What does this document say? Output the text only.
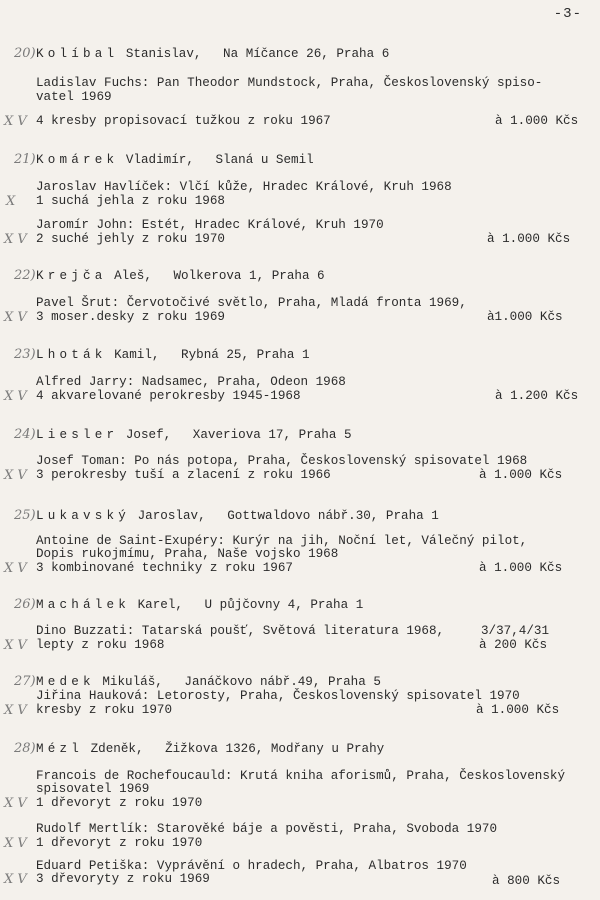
-3-
20) Kolíbal Stanislav, Na Míčance 26, Praha 6
Ladislav Fuchs: Pan Theodor Mundstock, Praha, Československý spiso-
vatel 1969
X V 4 kresby propisovací tužkou z roku 1967	à 1.000 Kčs
21) Komárek Vladimír, Slaná u Semil
Jaroslav Havlíček: Vlčí kůže, Hradec Králové, Kruh 1968
X 1 suchá jehla z roku 1968
Jaromír John: Estét, Hradec Králové, Kruh 1970
X V 2 suché jehly z roku 1970	à 1.000 Kčs
22) Krejča Aleš, Wolkerova 1, Praha 6
Pavel Šrut: Červotočivé světlo, Praha, Mladá fronta 1969,
X V 3 moser.desky z roku 1969	à1.000 Kčs
23) Lhoták Kamil, Rybná 25, Praha 1
Alfred Jarry: Nadsamec, Praha, Odeon 1968
X V 4 akvarelované perokresby 1945-1968	à 1.200 Kčs
24) Liesler Josef, Xaveriova 17, Praha 5
Josef Toman: Po nás potopa, Praha, Československý spisovatel 1968
X V 3 perokresby tuší a zlacení z roku 1966	à 1.000 Kčs
25) Lukavský Jaroslav, Gottwaldovo nábř.30, Praha 1
Antoine de Saint-Exupéry: Kurýr na jih, Noční let, Válečný pilot,
Dopis rukojmímu, Praha, Naše vojsko 1968
X V 3 kombinované techniky z roku 1967	à 1.000 Kčs
26) Machálek Karel, U půjčovny 4, Praha 1
Dino Buzzati: Tatarská poušť, Světová literatura 1968,	3/37,4/31
X V lepty z roku 1968	à 200 Kčs
27) Medek Mikuláš, Janáčkovo nábř.49, Praha 5
Jiřina Hauková: Letorosty, Praha, Československý spisovatel 1970
X V kresby z roku 1970	à 1.000 Kčs
28) Mézl Zdeněk, Žižkova 1326, Modřany u Prahy
Francois de Rochefoucauld: Krutá kniha aforismů, Praha, Československý
spisovatel 1969
X V 1 dřevoryt z roku 1970
Rudolf Mertlík: Starověké báje a pověsti, Praha, Svoboda 1970
X V 1 dřevoryt z roku 1970
Eduard Petiška: Vyprávění o hradech, Praha, Albatros 1970
X V 3 dřevoryty z roku 1969	à 800 Kčs
